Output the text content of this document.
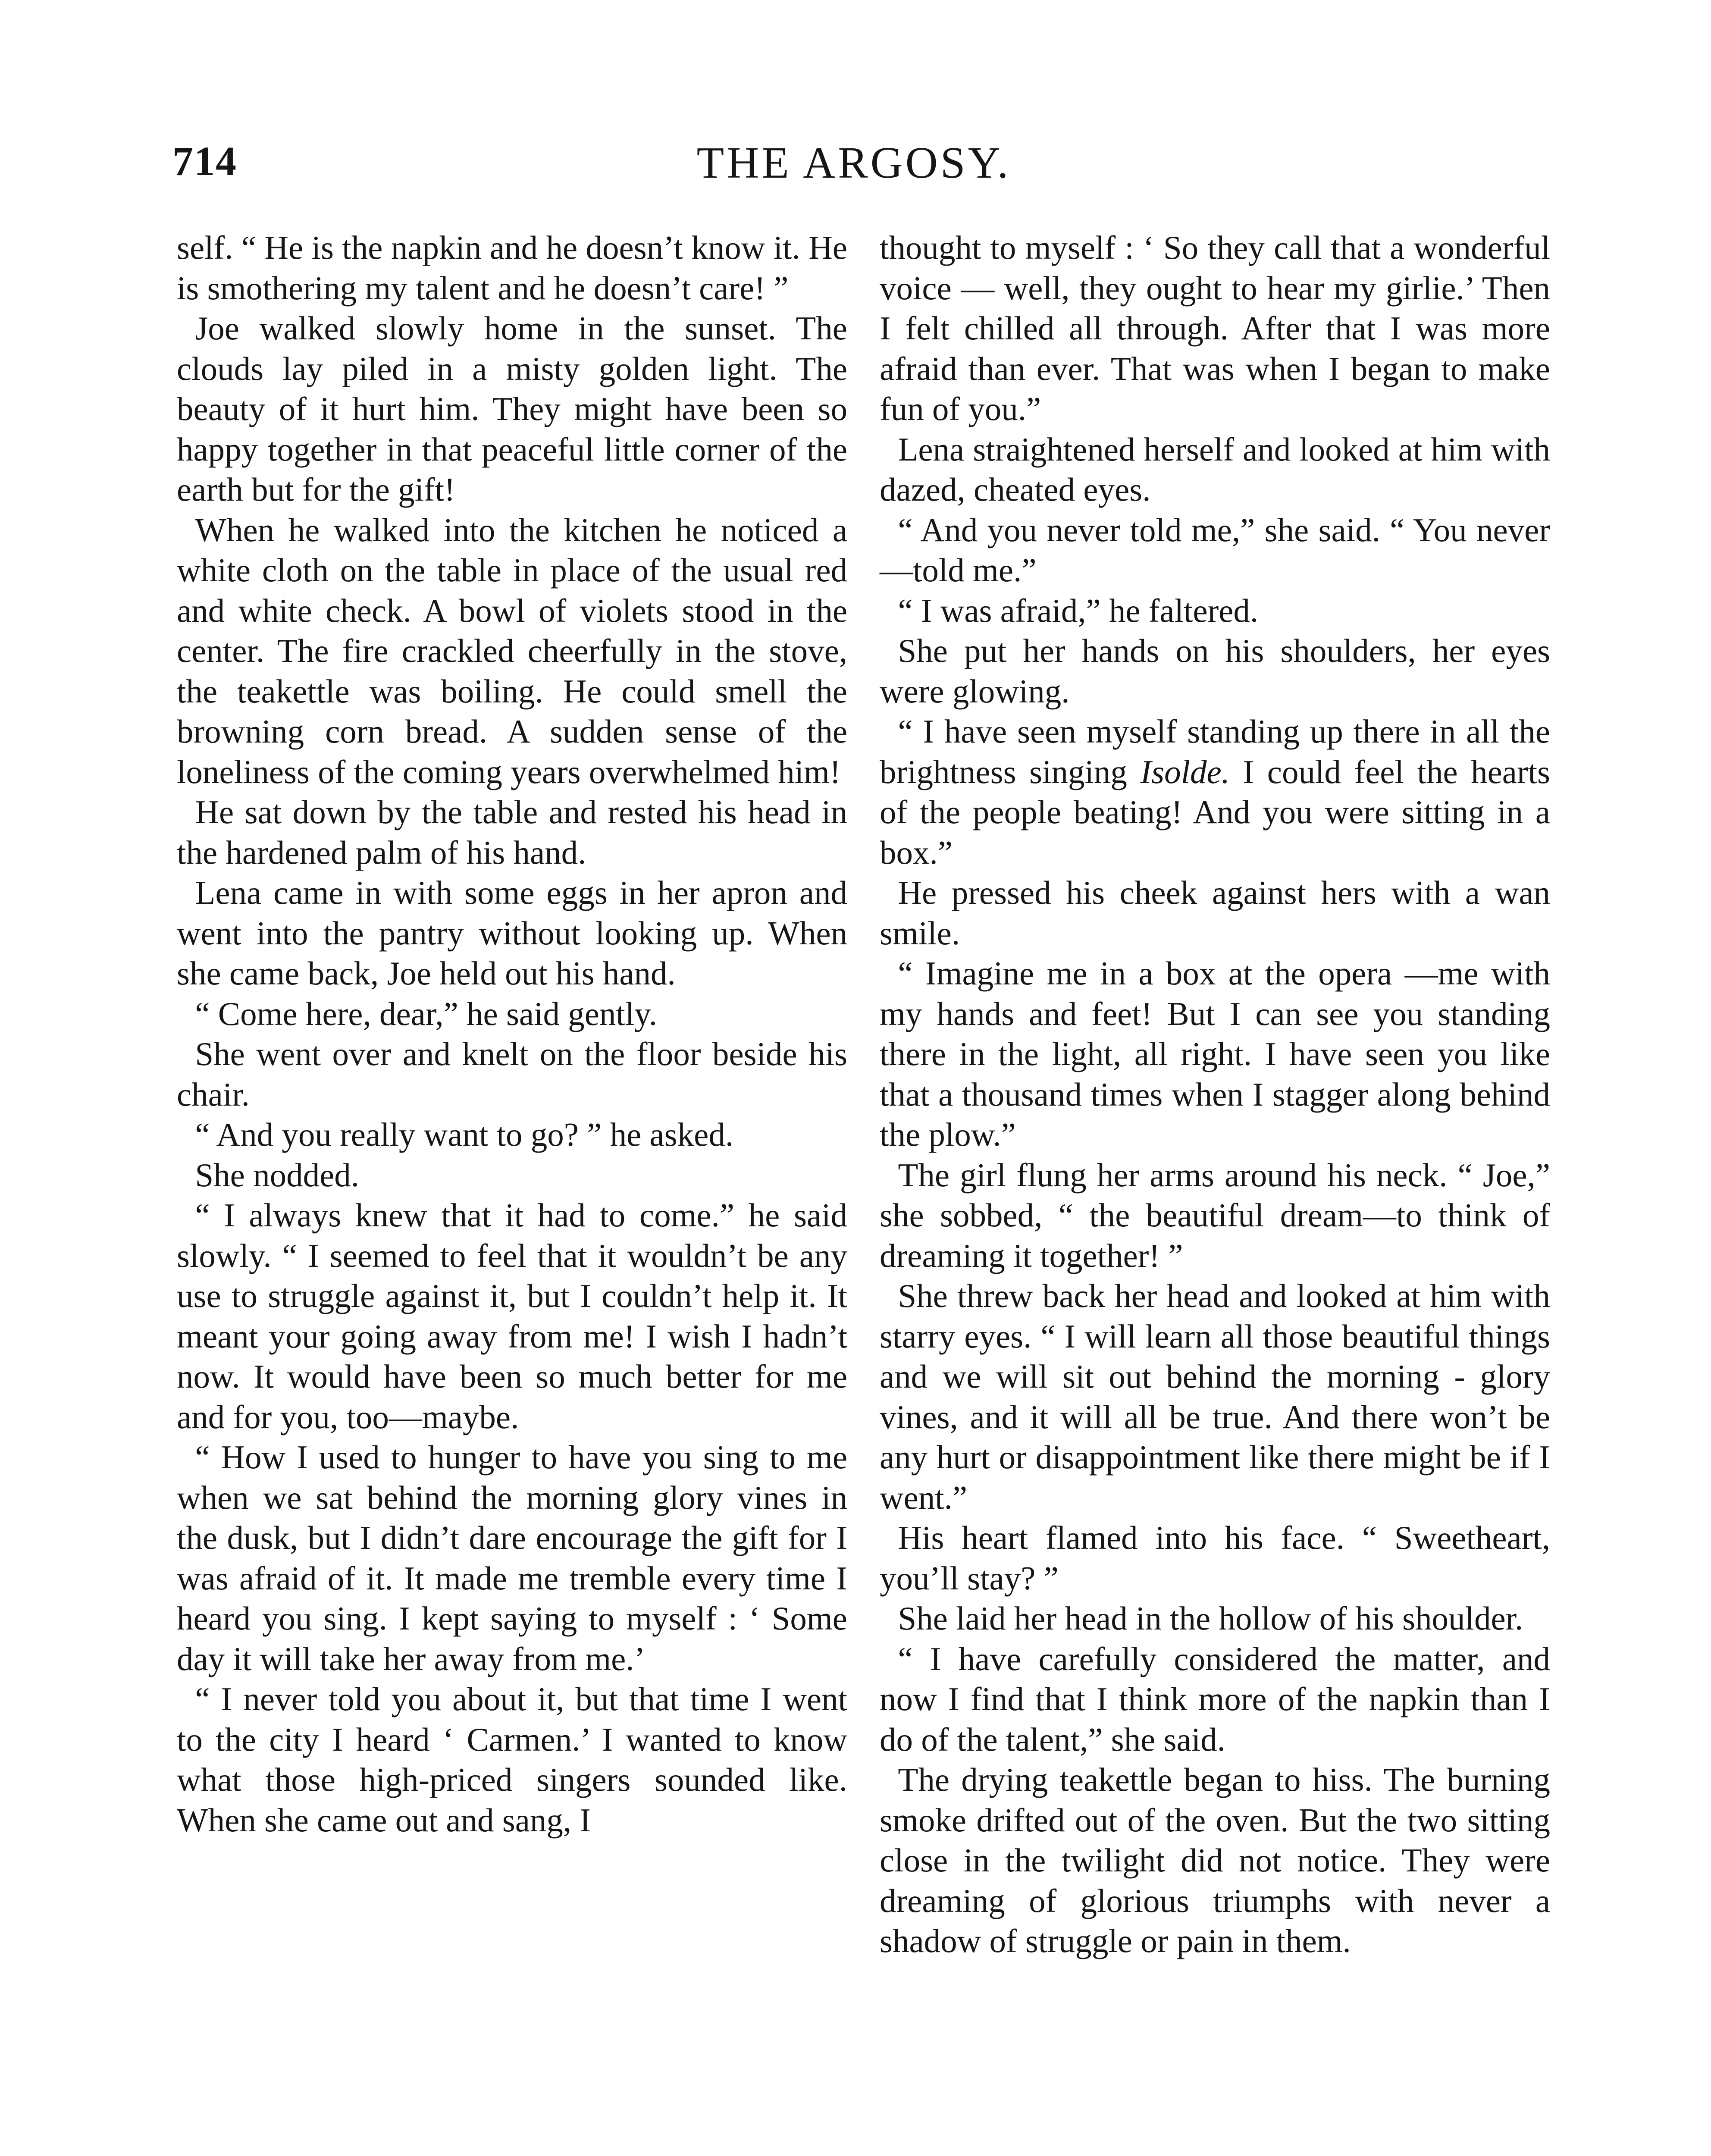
714	THE ARGOSY.

self. “ He is the napkin and he doesn’t know it. He is smothering my talent and he doesn’t care! ”

Joe walked slowly home in the sunset. The clouds lay piled in a misty golden light. The beauty of it hurt him. They might have been so happy together in that peaceful little corner of the earth but for the gift!

When he walked into the kitchen he noticed a white cloth on the table in place of the usual red and white check. A bowl of violets stood in the center. The fire crackled cheerfully in the stove, the teakettle was boiling. He could smell the browning corn bread. A sudden sense of the loneliness of the coming years overwhelmed him!

He sat down by the table and rested his head in the hardened palm of his hand.

Lena came in with some eggs in her apron and went into the pantry without looking up. When she came back, Joe held out his hand.

“ Come here, dear,” he said gently.

She went over and knelt on the floor beside his chair.

“ And you really want to go? ” he asked.

She nodded.

“ I always knew that it had to come.” he said slowly. “ I seemed to feel that it wouldn’t be any use to struggle against it, but I couldn’t help it. It meant your going away from me! I wish I hadn’t now. It would have been so much better for me and for you, too—maybe.

“ How I used to hunger to have you sing to me when we sat behind the morning glory vines in the dusk, but I didn’t dare encourage the gift for I was afraid of it. It made me tremble every time I heard you sing. I kept saying to myself : ‘ Some day it will take her away from me.’

“ I never told you about it, but that time I went to the city I heard ‘ Carmen.’ I wanted to know what those high-priced singers sounded like. When she came out and sang, I

thought to myself : ‘ So they call that a wonderful voice — well, they ought to hear my girlie.’ Then I felt chilled all through. After that I was more afraid than ever. That was when I began to make fun of you.”

Lena straightened herself and looked at him with dazed, cheated eyes.

“ And you never told me,” she said. “ You never—told me.”

“ I was afraid,” he faltered.

She put her hands on his shoulders, her eyes were glowing.

“ I have seen myself standing up there in all the brightness singing Isolde. I could feel the hearts of the people beating! And you were sitting in a box.”

He pressed his cheek against hers with a wan smile.

“ Imagine me in a box at the opera —me with my hands and feet! But I can see you standing there in the light, all right. I have seen you like that a thousand times when I stagger along behind the plow.”

The girl flung her arms around his neck. “ Joe,” she sobbed, “ the beautiful dream—to think of dreaming it together! ”

She threw back her head and looked at him with starry eyes. “ I will learn all those beautiful things and we will sit out behind the morning - glory vines, and it will all be true. And there won’t be any hurt or disappointment like there might be if I went.”

His heart flamed into his face. “ Sweetheart, you’ll stay? ”

She laid her head in the hollow of his shoulder.

“ I have carefully considered the matter, and now I find that I think more of the napkin than I do of the talent,” she said.

The drying teakettle began to hiss. The burning smoke drifted out of the oven. But the two sitting close in the twilight did not notice. They were dreaming of glorious triumphs with never a shadow of struggle or pain in them.
